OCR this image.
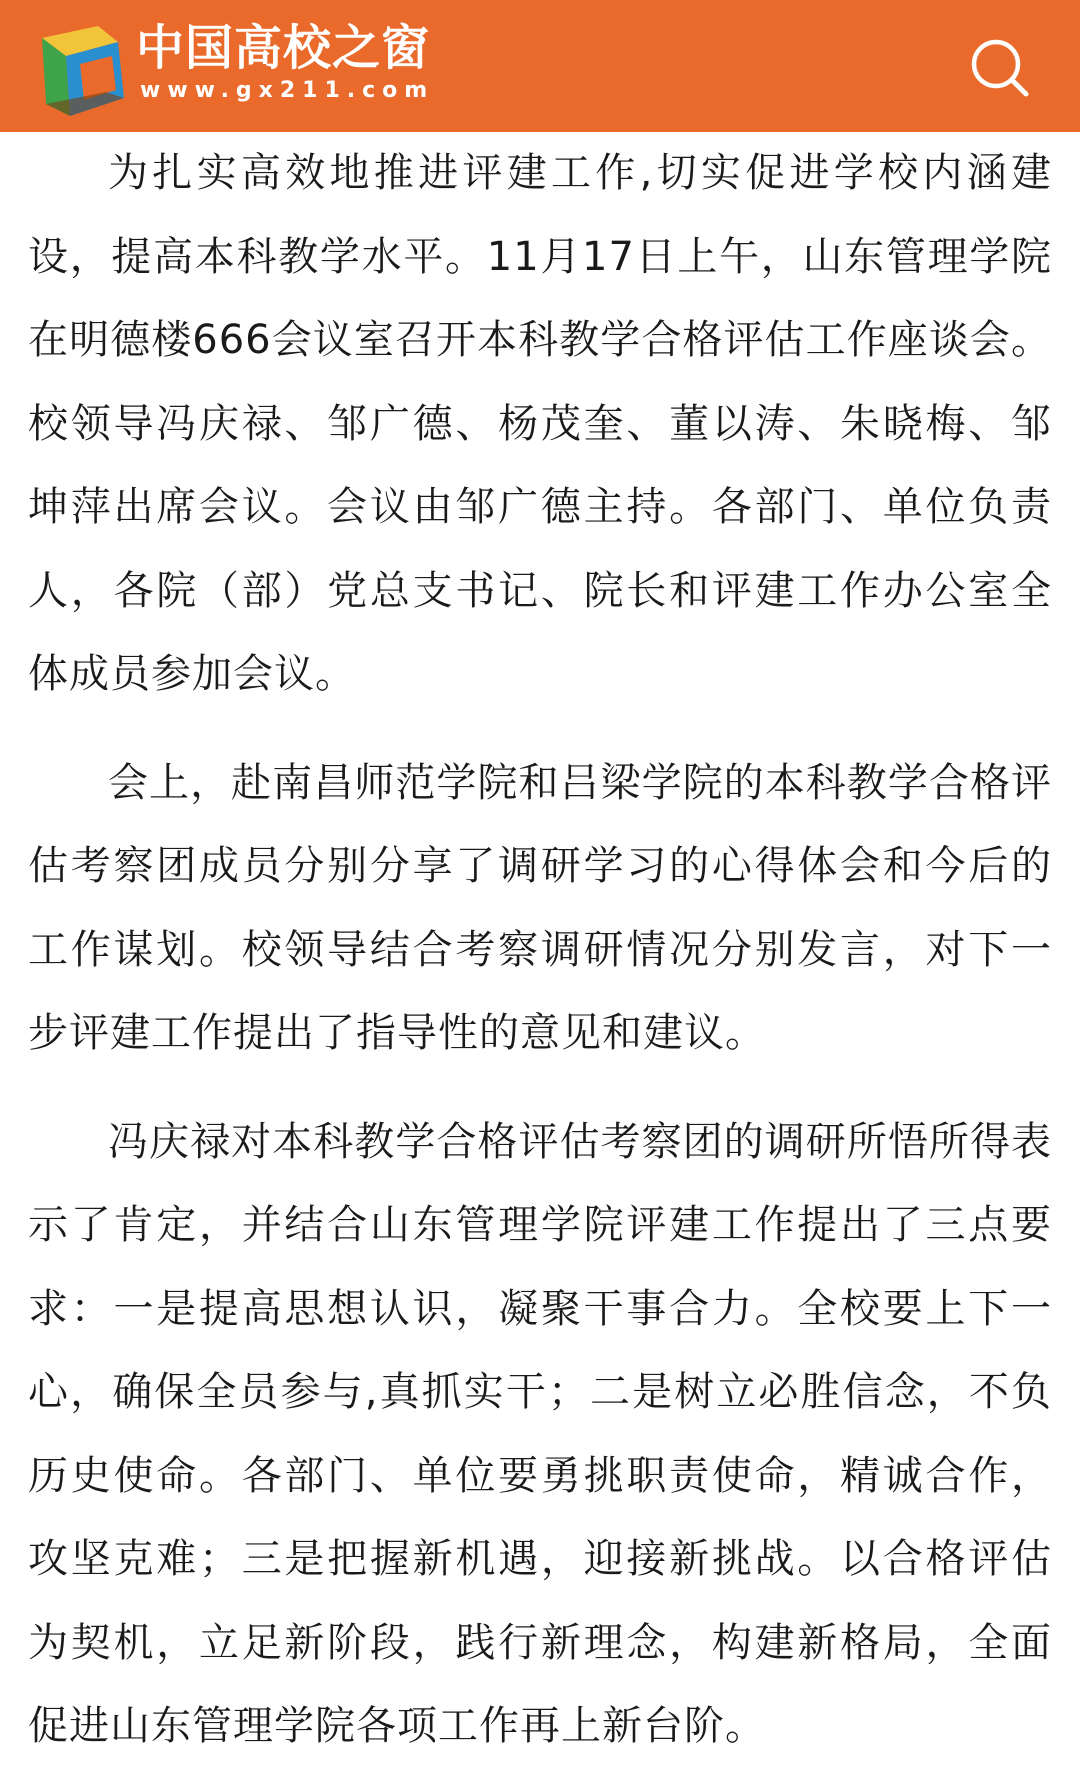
中国高校之窗
www.gx211.com

为扎实高效地推进评建工作,切实促进学校内涵建设，提高本科教学水平。11月17日上午，山东管理学院在明德楼666会议室召开本科教学合格评估工作座谈会。校领导冯庆禄、邹广德、杨茂奎、董以涛、朱晓梅、邹坤萍出席会议。会议由邹广德主持。各部门、单位负责人，各院（部）党总支书记、院长和评建工作办公室全体成员参加会议。

会上，赴南昌师范学院和吕梁学院的本科教学合格评估考察团成员分别分享了调研学习的心得体会和今后的工作谋划。校领导结合考察调研情况分别发言，对下一步评建工作提出了指导性的意见和建议。

冯庆禄对本科教学合格评估考察团的调研所悟所得表示了肯定，并结合山东管理学院评建工作提出了三点要求：一是提高思想认识，凝聚干事合力。全校要上下一心，确保全员参与,真抓实干；二是树立必胜信念，不负历史使命。各部门、单位要勇挑职责使命，精诚合作，攻坚克难；三是把握新机遇，迎接新挑战。以合格评估为契机，立足新阶段，践行新理念，构建新格局，全面促进山东管理学院各项工作再上新台阶。
